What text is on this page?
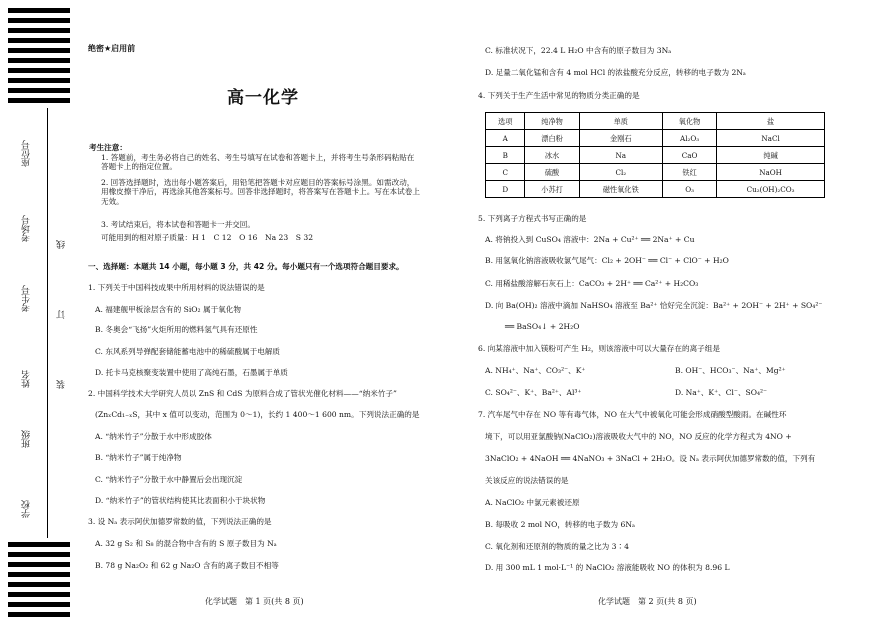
座位号
考场号
考生号
姓名
班级
学校
线
订
装
绝密★启用前
高一化学
考生注意：
1. 答题前，考生务必将自己的姓名、考生号填写在试卷和答题卡上，并将考生号条形码粘贴在答题卡上的指定位置。
2. 回答选择题时，选出每小题答案后，用铅笔把答题卡对应题目的答案标号涂黑。如需改动，用橡皮擦干净后，再选涂其他答案标号。回答非选择题时，将答案写在答题卡上。写在本试卷上无效。
3. 考试结束后，将本试卷和答题卡一并交回。
可能用到的相对原子质量：H 1　C 12　O 16　Na 23　S 32
一、选择题：本题共 14 小题，每小题 3 分，共 42 分。每小题只有一个选项符合题目要求。
1. 下列关于中国科技成果中所用材料的说法错误的是
A. 福建舰甲板涂层含有的 SiO₂ 属于氧化物
B. 冬奥会“飞扬”火炬所用的燃料氢气具有还原性
C. 东风系列导弹配套储能蓄电池中的稀硫酸属于电解质
D. 托卡马克核聚变装置中使用了高纯石墨，石墨属于单质
2. 中国科学技术大学研究人员以 ZnS 和 CdS 为原料合成了管状光催化材料——“纳米竹子”
(ZnₓCd₁₋ₓS，其中 x 值可以变动，范围为 0～1)，长约 1 400～1 600 nm。下列说法正确的是
A. “纳米竹子”分散于水中形成胶体
B. “纳米竹子”属于纯净物
C. “纳米竹子”分散于水中静置后会出现沉淀
D. “纳米竹子”的管状结构使其比表面积小于块状物
3. 设 Nₐ 表示阿伏加德罗常数的值，下列说法正确的是
A. 32 g S₂ 和 S₈ 的混合物中含有的 S 原子数目为 Nₐ
B. 78 g Na₂O₂ 和 62 g Na₂O 含有的离子数目不相等
化学试题　第 1 页(共 8 页)
C. 标准状况下，22.4 L H₂O 中含有的原子数目为 3Nₐ
D. 足量二氧化锰和含有 4 mol HCl 的浓盐酸充分反应，转移的电子数为 2Nₐ
4. 下列关于生产生活中常见的物质分类正确的是
选项	纯净物	单质	氧化物	盐
A	漂白粉	金刚石	Al₂O₃	NaCl
B	冰水	Na	CaO	纯碱
C	硫酸	Cl₂	铁红	NaOH
D	小苏打	磁性氧化铁	O₃	Cu₂(OH)₂CO₃
5. 下列离子方程式书写正确的是
A. 将钠投入到 CuSO₄ 溶液中：2Na + Cu²⁺ ══ 2Na⁺ + Cu
B. 用氢氧化钠溶液吸收氯气尾气：Cl₂ + 2OH⁻ ══ Cl⁻ + ClO⁻ + H₂O
C. 用稀盐酸溶解石灰石上：CaCO₃ + 2H⁺ ══ Ca²⁺ + H₂CO₃
D. 向 Ba(OH)₂ 溶液中滴加 NaHSO₄ 溶液至 Ba²⁺ 恰好完全沉淀：Ba²⁺ + 2OH⁻ + 2H⁺ + SO₄²⁻
══ BaSO₄↓ + 2H₂O
6. 向某溶液中加入镁粉可产生 H₂，则该溶液中可以大量存在的离子组是
A. NH₄⁺、Na⁺、CO₃²⁻、K⁺	B. OH⁻、HCO₃⁻、Na⁺、Mg²⁺
C. SO₄²⁻、K⁺、Ba²⁺、Al³⁺	D. Na⁺、K⁺、Cl⁻、SO₄²⁻
7. 汽车尾气中存在 NO 等有毒气体，NO 在大气中被氧化可能会形成硝酸型酸雨。在碱性环
境下，可以用亚氯酸钠(NaClO₂)溶液吸收大气中的 NO，NO 反应的化学方程式为 4NO +
3NaClO₂ + 4NaOH ══ 4NaNO₃ + 3NaCl + 2H₂O。设 Nₐ 表示阿伏加德罗常数的值，下列有
关该反应的说法错误的是
A. NaClO₂ 中氯元素被还原
B. 每吸收 2 mol NO，转移的电子数为 6Nₐ
C. 氧化剂和还原剂的物质的量之比为 3∶4
D. 用 300 mL 1 mol·L⁻¹ 的 NaClO₂ 溶液能吸收 NO 的体积为 8.96 L
化学试题　第 2 页(共 8 页)
